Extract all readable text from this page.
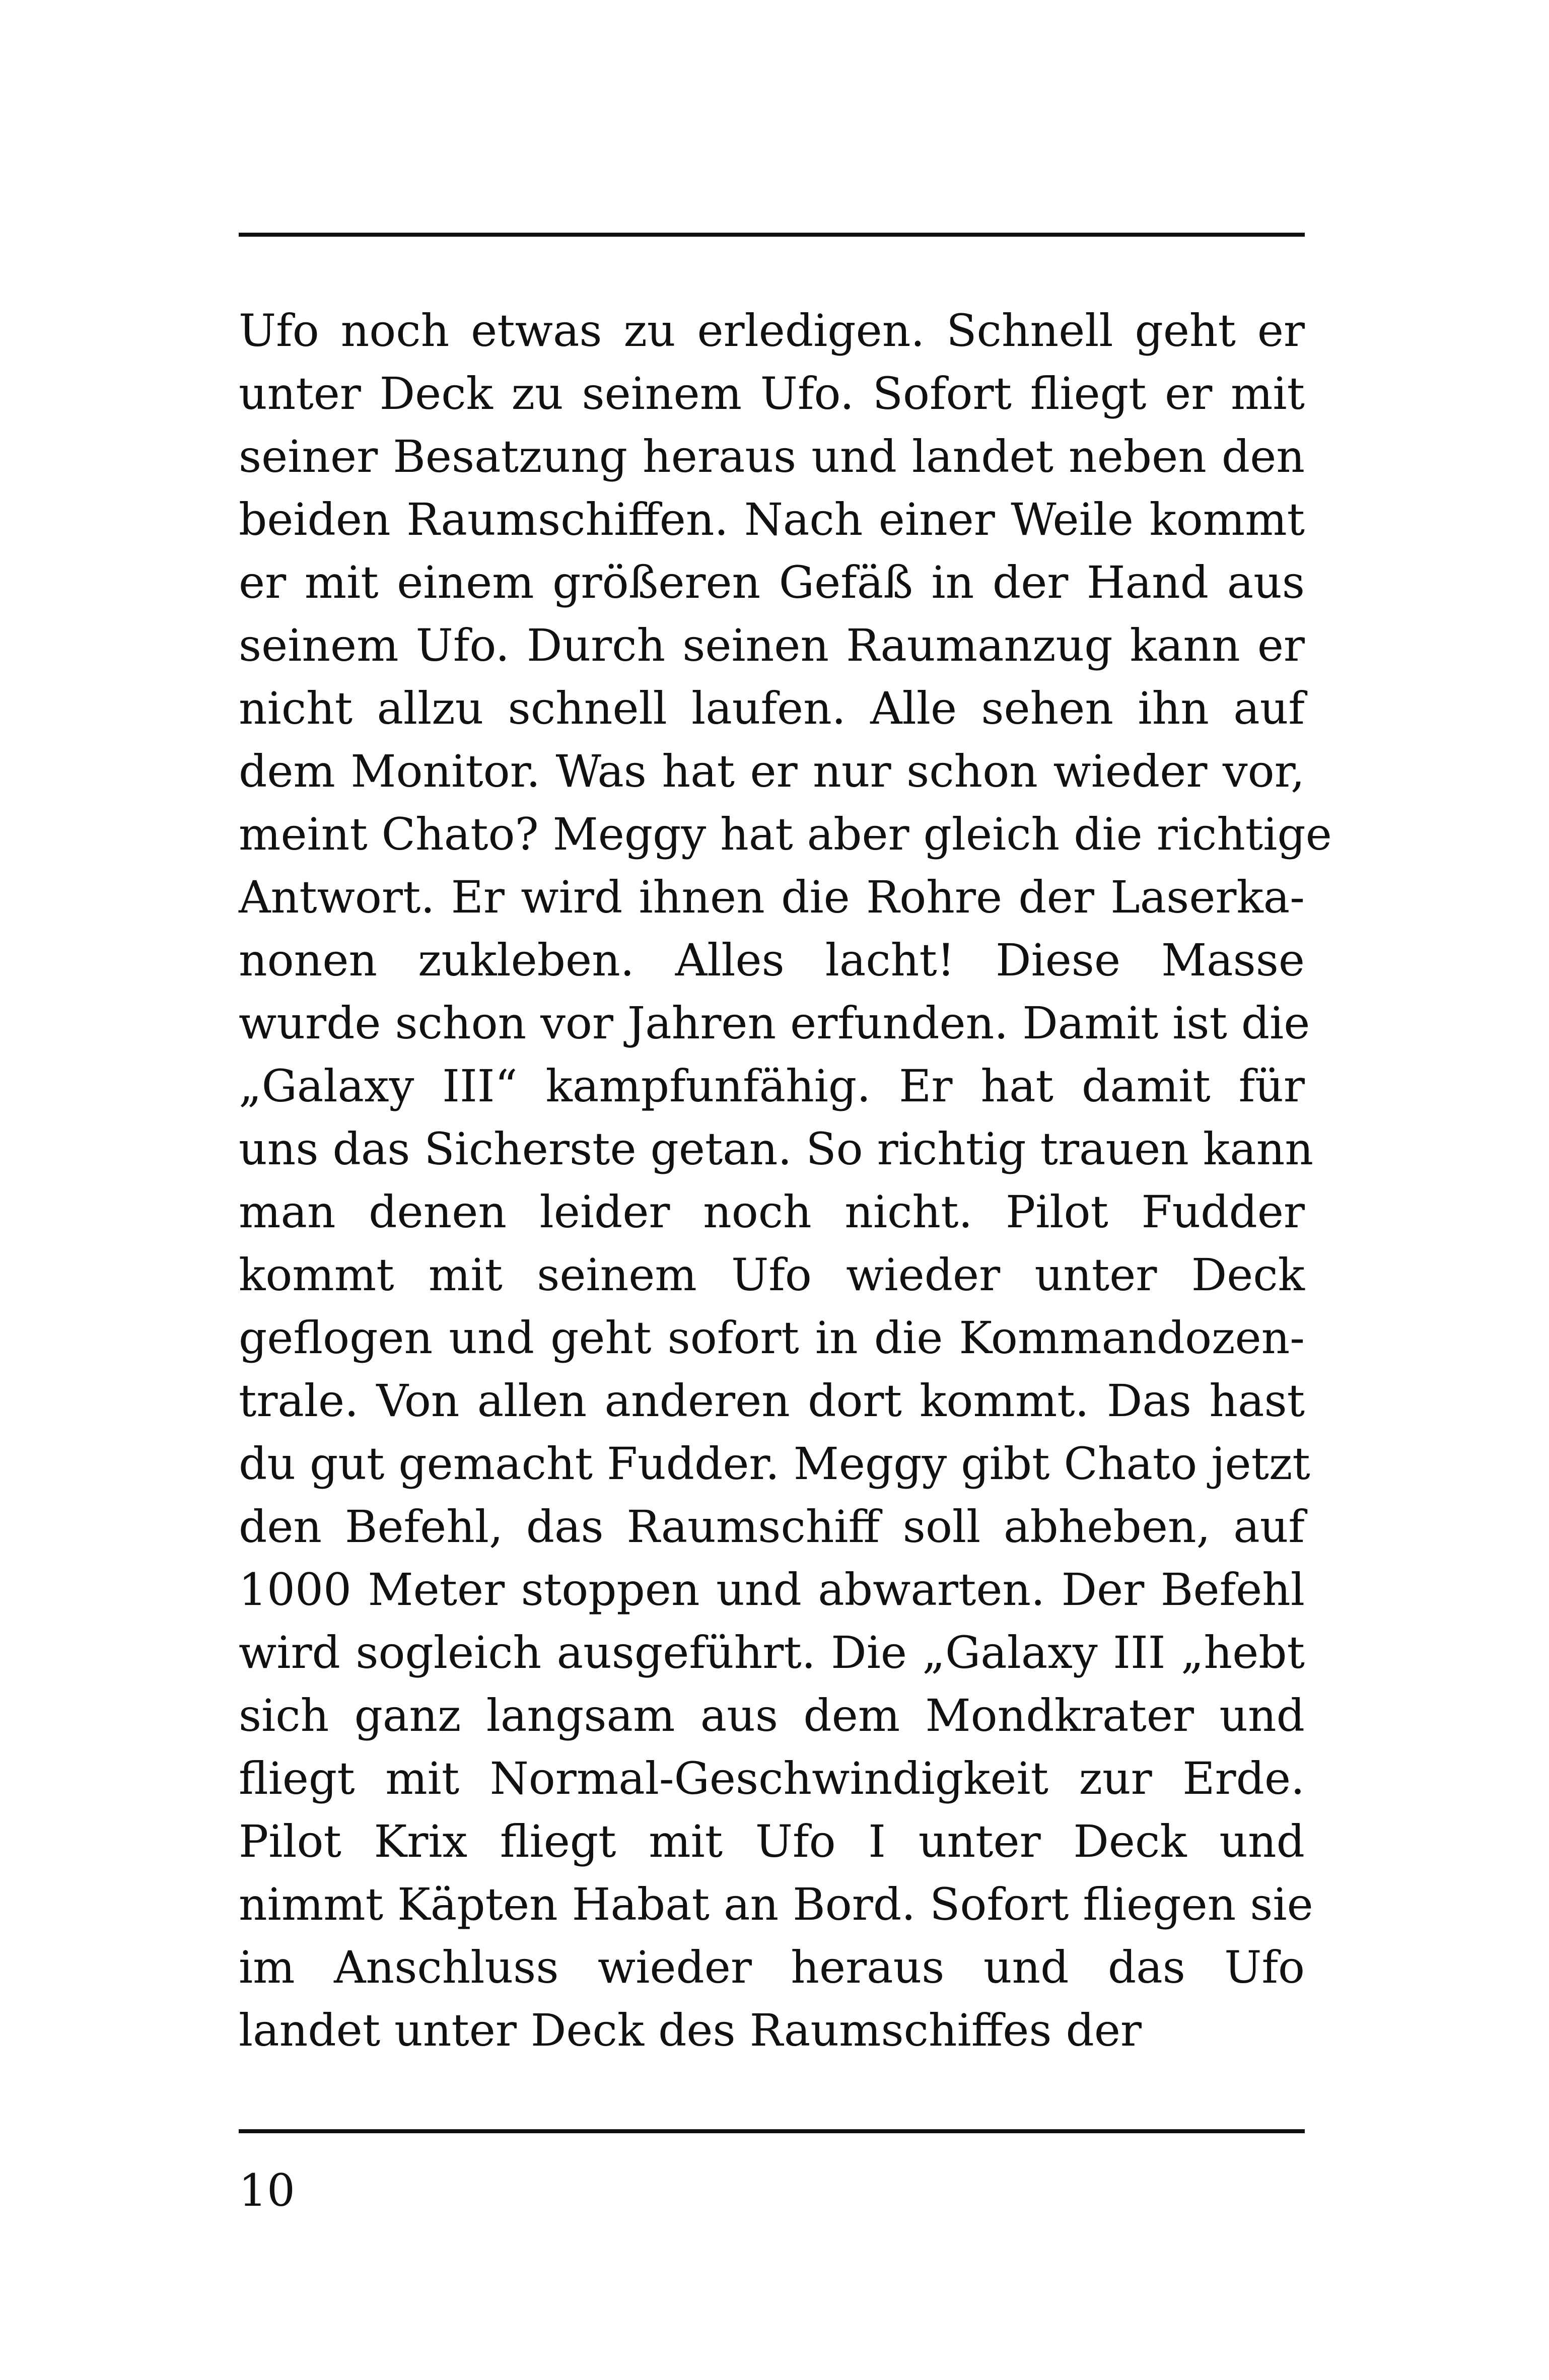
Ufo noch etwas zu erledigen. Schnell geht er
unter Deck zu seinem Ufo. Sofort fliegt er mit
seiner Besatzung heraus und landet neben den
beiden Raumschiffen. Nach einer Weile kommt
er mit einem größeren Gefäß in der Hand aus
seinem Ufo. Durch seinen Raumanzug kann er
nicht allzu schnell laufen. Alle sehen ihn auf
dem Monitor. Was hat er nur schon wieder vor,
meint Chato? Meggy hat aber gleich die richtige
Antwort. Er wird ihnen die Rohre der Laserka-
nonen zukleben. Alles lacht! Diese Masse
wurde schon vor Jahren erfunden. Damit ist die
„Galaxy III“ kampfunfähig. Er hat damit für
uns das Sicherste getan. So richtig trauen kann
man denen leider noch nicht. Pilot Fudder
kommt mit seinem Ufo wieder unter Deck
geflogen und geht sofort in die Kommandozen-
trale. Von allen anderen dort kommt. Das hast
du gut gemacht Fudder. Meggy gibt Chato jetzt
den Befehl, das Raumschiff soll abheben, auf
1000 Meter stoppen und abwarten. Der Befehl
wird sogleich ausgeführt. Die „Galaxy III „hebt
sich ganz langsam aus dem Mondkrater und
fliegt mit Normal-Geschwindigkeit zur Erde.
Pilot Krix fliegt mit Ufo I unter Deck und
nimmt Käpten Habat an Bord. Sofort fliegen sie
im Anschluss wieder heraus und das Ufo
landet unter Deck des Raumschiffes der

10
